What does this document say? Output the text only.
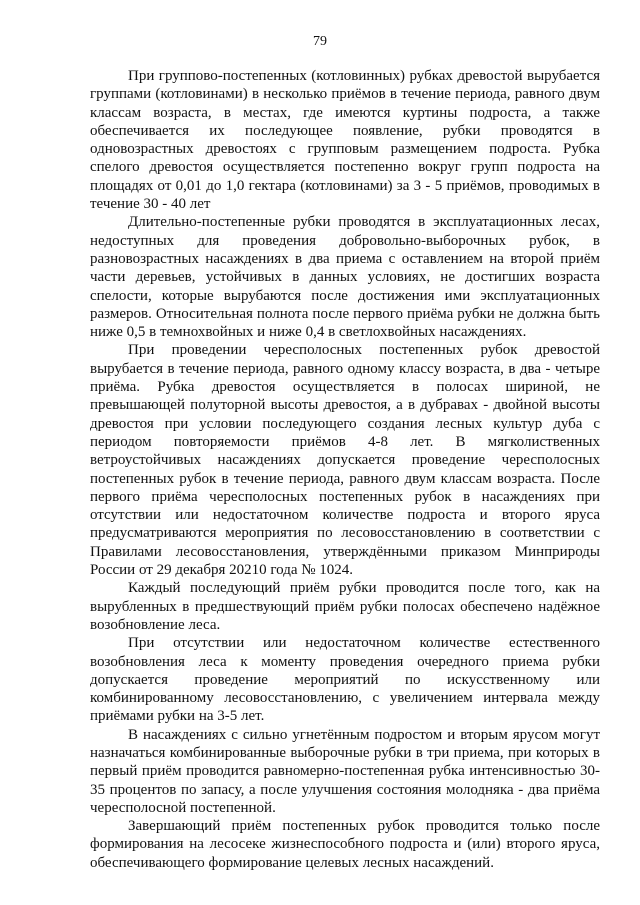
79

При группово-постепенных (котловинных) рубках древостой вырубается группами (котловинами) в несколько приёмов в течение периода, равного двум классам возраста, в местах, где имеются куртины подроста, а также обеспечивается их последующее появление, рубки проводятся в одновозрастных древостоях с групповым размещением подроста. Рубка спелого древостоя осуществляется постепенно вокруг групп подроста на площадях от 0,01 до 1,0 гектара (котловинами) за 3 - 5 приёмов, проводимых в течение 30 - 40 лет

Длительно-постепенные рубки проводятся в эксплуатационных лесах, недоступных для проведения добровольно-выборочных рубок, в разновозрастных насаждениях в два приема с оставлением на второй приём части деревьев, устойчивых в данных условиях, не достигших возраста спелости, которые вырубаются после достижения ими эксплуатационных размеров. Относительная полнота после первого приёма рубки не должна быть ниже 0,5 в темнохвойных и ниже 0,4 в светлохвойных насаждениях.

При проведении чересполосных постепенных рубок древостой вырубается в течение периода, равного одному классу возраста, в два - четыре приёма. Рубка древостоя осуществляется в полосах шириной, не превышающей полуторной высоты древостоя, а в дубравах - двойной высоты древостоя при условии последующего создания лесных культур дуба с периодом повторяемости приёмов 4-8 лет. В мягколиственных ветроустойчивых насаждениях допускается проведение чересполосных постепенных рубок в течение периода, равного двум классам возраста. После первого приёма чересполосных постепенных рубок в насаждениях при отсутствии или недостаточном количестве подроста и второго яруса предусматриваются мероприятия по лесовосстановлению в соответствии с Правилами лесовосстановления, утверждёнными приказом Минприроды России от 29 декабря 20210 года № 1024.

Каждый последующий приём рубки проводится после того, как на вырубленных в предшествующий приём рубки полосах обеспечено надёжное возобновление леса.

При отсутствии или недостаточном количестве естественного возобновления леса к моменту проведения очередного приема рубки допускается проведение мероприятий по искусственному или комбинированному лесовосстановлению, с увеличением интервала между приёмами рубки на 3-5 лет.

В насаждениях с сильно угнетённым подростом и вторым ярусом могут назначаться комбинированные выборочные рубки в три приема, при которых в первый приём проводится равномерно-постепенная рубка интенсивностью 30-35 процентов по запасу, а после улучшения состояния молодняка - два приёма чересполосной постепенной.

Завершающий приём постепенных рубок проводится только после формирования на лесосеке жизнеспособного подроста и (или) второго яруса, обеспечивающего формирование целевых лесных насаждений.
